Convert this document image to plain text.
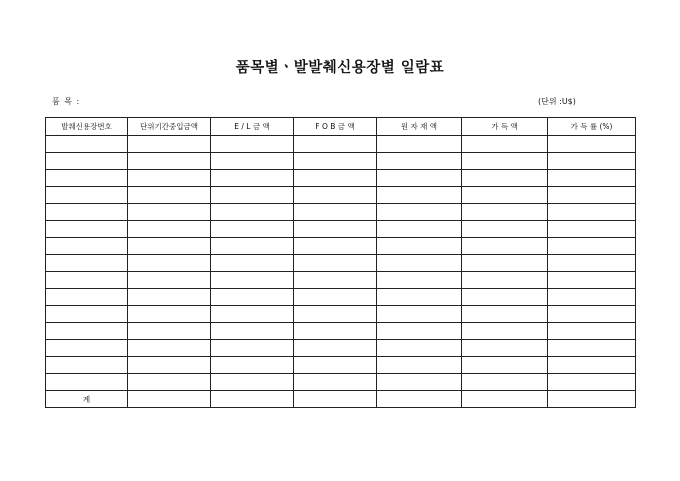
품목별ㆍ발발췌신용장별 일람표
품 목 :	(단위 :U$)
발췌신용장번호	단위기간중입금액	E / L 금 액	F O B 금 액	원 자 재 액	가 득 액	가 득 률 (%)

계						
